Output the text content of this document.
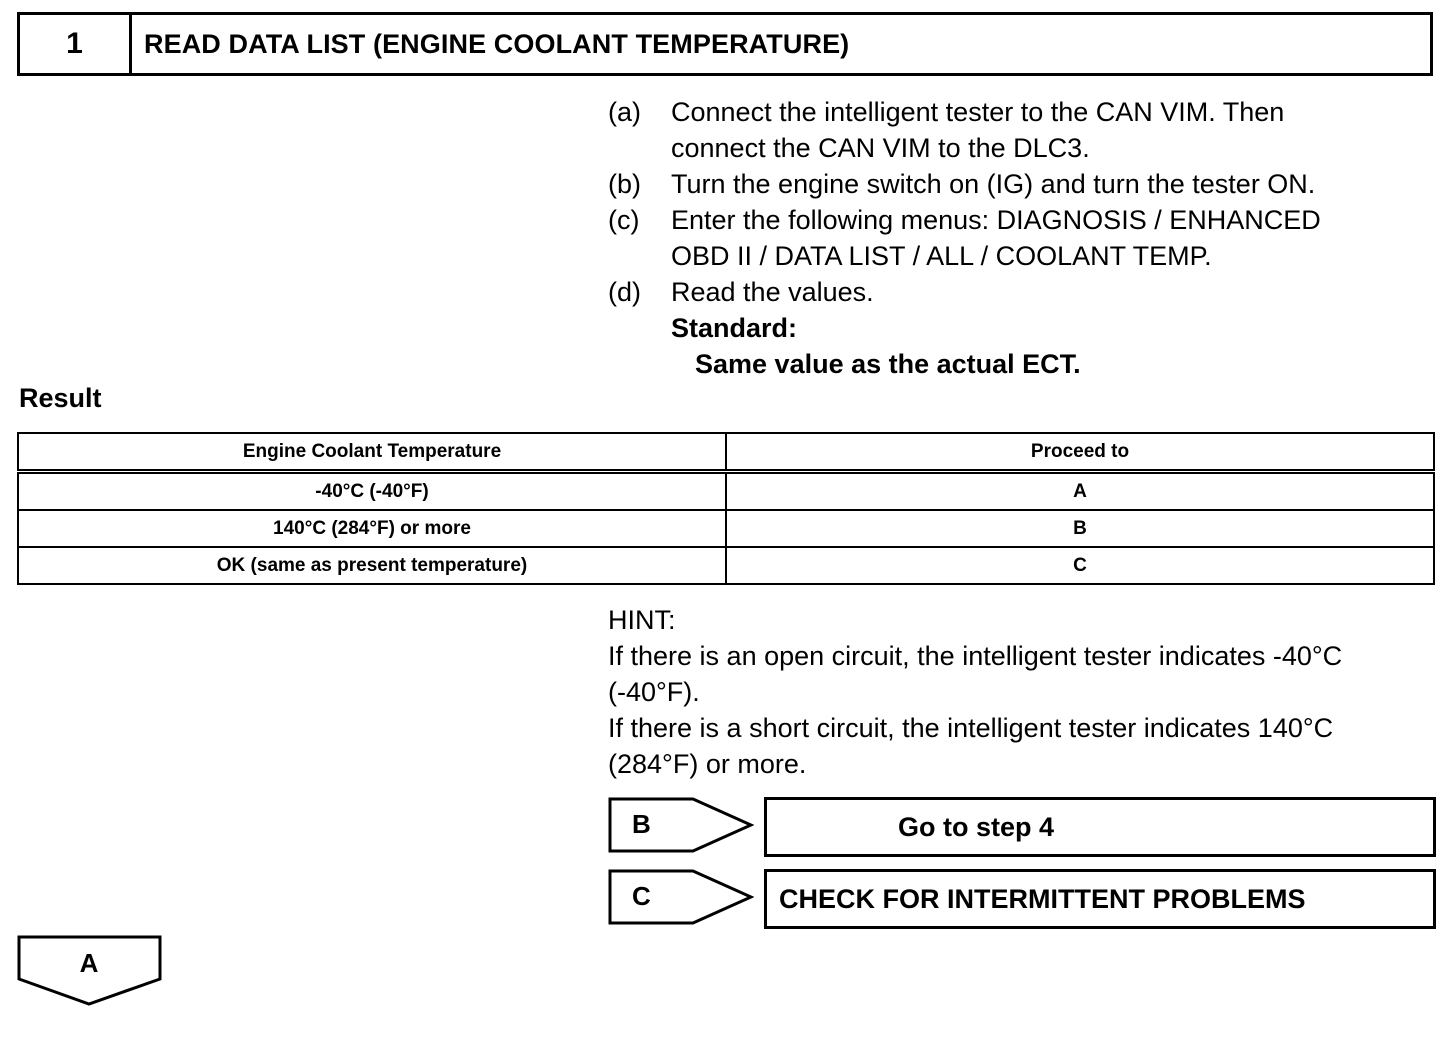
1	READ DATA LIST (ENGINE COOLANT TEMPERATURE)
(a)	Connect the intelligent tester to the CAN VIM. Then
connect the CAN VIM to the DLC3.
(b)	Turn the engine switch on (IG) and turn the tester ON.
(c)	Enter the following menus: DIAGNOSIS / ENHANCED
OBD II / DATA LIST / ALL / COOLANT TEMP.
(d)	Read the values.
Standard:
Same value as the actual ECT.
Result
Engine Coolant Temperature	Proceed to
-40°C (-40°F)	A
140°C (284°F) or more	B
OK (same as present temperature)	C
HINT:
If there is an open circuit, the intelligent tester indicates -40°C
(-40°F).
If there is a short circuit, the intelligent tester indicates 140°C
(284°F) or more.
B	Go to step 4
C	CHECK FOR INTERMITTENT PROBLEMS
A
